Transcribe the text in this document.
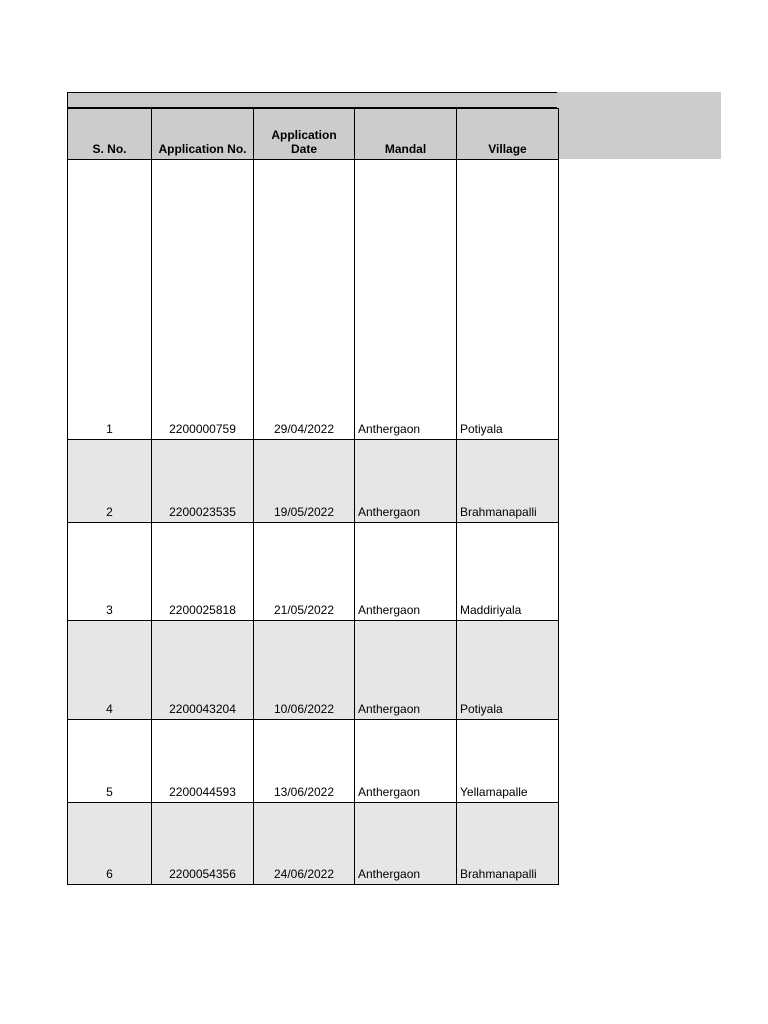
S. No.	Application No.	Application Date	Mandal	Village
1	2200000759	29/04/2022	Anthergaon	Potiyala
2	2200023535	19/05/2022	Anthergaon	Brahmanapalli
3	2200025818	21/05/2022	Anthergaon	Maddiriyala
4	2200043204	10/06/2022	Anthergaon	Potiyala
5	2200044593	13/06/2022	Anthergaon	Yellamapalle
6	2200054356	24/06/2022	Anthergaon	Brahmanapalli
